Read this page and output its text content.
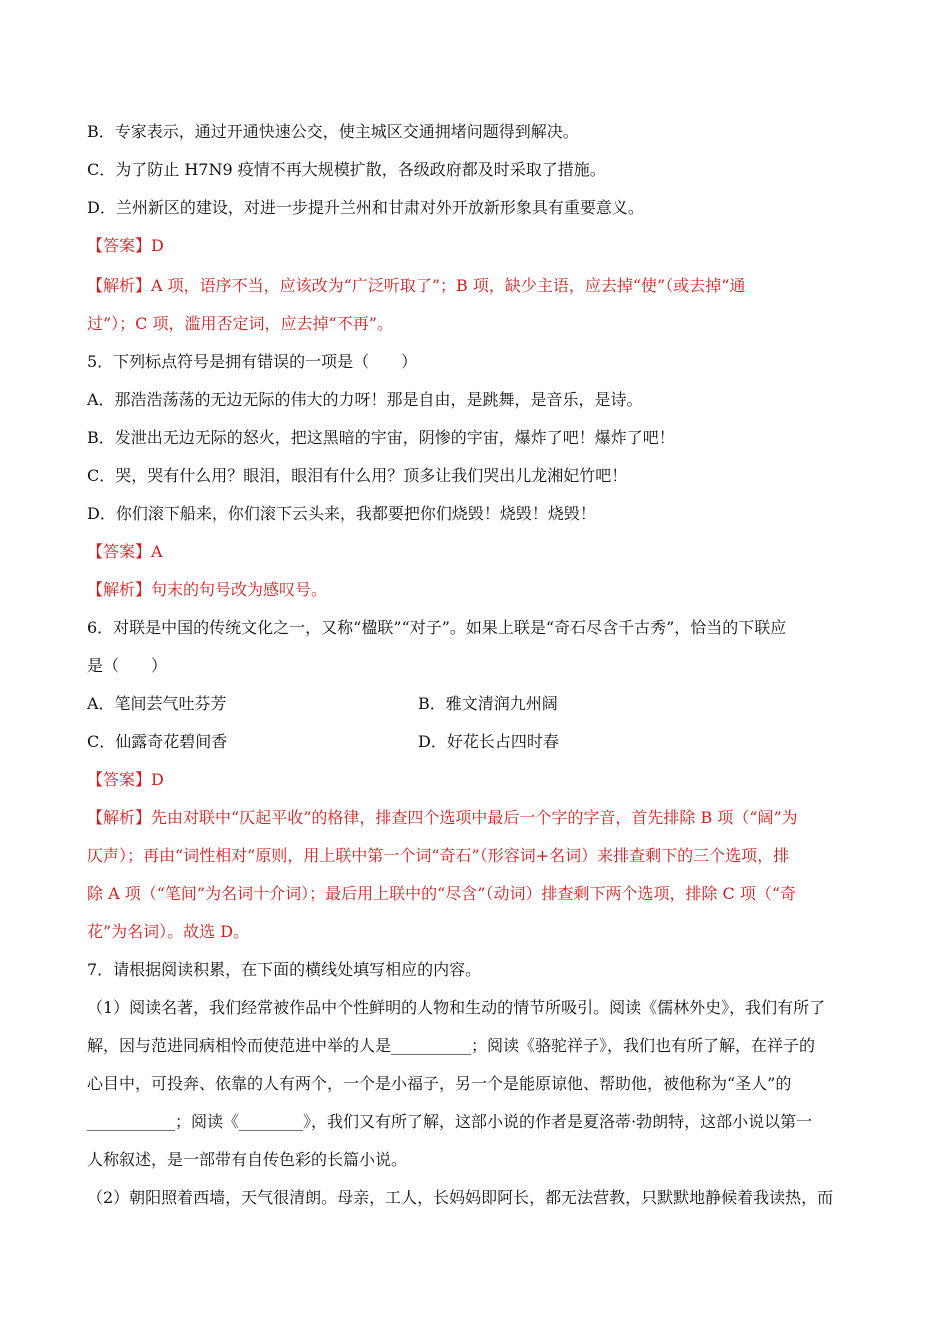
B．专家表示，通过开通快速公交，使主城区交通拥堵问题得到解决。
C．为了防止 H7N9 疫情不再大规模扩散，各级政府都及时采取了措施。
D．兰州新区的建设，对进一步提升兰州和甘肃对外开放新形象具有重要意义。
【答案】D
【解析】A 项，语序不当，应该改为“广泛听取了”；B 项，缺少主语，应去掉“使”（或去掉“通
过”）；C 项，滥用否定词，应去掉“不再”。
5．下列标点符号是拥有错误的一项是（　　）
A．那浩浩荡荡的无边无际的伟大的力呀！那是自由，是跳舞，是音乐，是诗。
B．发泄出无边无际的怒火，把这黑暗的宇宙，阴惨的宇宙，爆炸了吧！爆炸了吧！
C．哭，哭有什么用？眼泪，眼泪有什么用？顶多让我们哭出儿龙湘妃竹吧！
D．你们滚下船来，你们滚下云头来，我都要把你们烧毁！烧毁！烧毁！
【答案】A
【解析】句末的句号改为感叹号。
6．对联是中国的传统文化之一，又称“楹联”“对子”。如果上联是“奇石尽含千古秀”，恰当的下联应
是（　　）
A．笔间芸气吐芬芳	B．雅文清润九州阔
C．仙露奇花碧间香	D．好花长占四时春
【答案】D
【解析】先由对联中“仄起平收”的格律，排查四个选项中最后一个字的字音，首先排除 B 项（“阔”为
仄声）；再由“词性相对”原则，用上联中第一个词“奇石”（形容词+名词）来排查剩下的三个选项，排
除 A 项（“笔间”为名词十介词）；最后用上联中的“尽含”（动词）排查剩下两个选项，排除 C 项（“奇
花”为名词）。故选 D。
7．请根据阅读积累，在下面的横线处填写相应的内容。
（1）阅读名著，我们经常被作品中个性鲜明的人物和生动的情节所吸引。阅读《儒林外史》，我们有所了
解，因与范进同病相怜而使范进中举的人是__________；阅读《骆驼祥子》，我们也有所了解，在祥子的
心目中，可投奔、依靠的人有两个，一个是小福子，另一个是能原谅他、帮助他，被他称为“圣人”的
___________；阅读《________》，我们又有所了解，这部小说的作者是夏洛蒂·勃朗特，这部小说以第一
人称叙述，是一部带有自传色彩的长篇小说。
（2）朝阳照着西墙，天气很清朗。母亲，工人，长妈妈即阿长，都无法营教，只默默地静候着我读热，而
